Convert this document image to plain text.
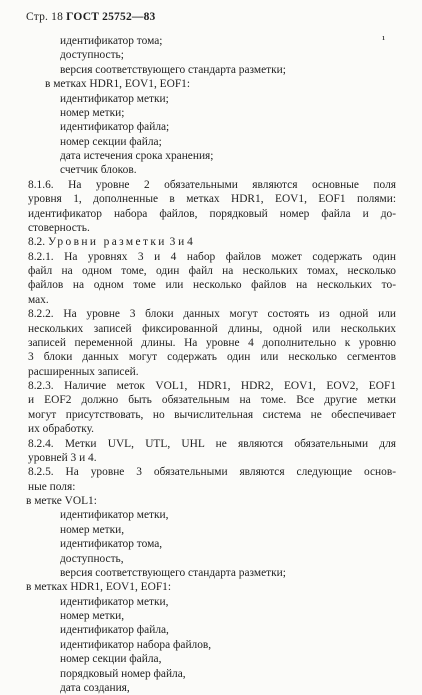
Стр. 18 ГОСТ 25752—83
¹
идентификатор тома;
доступность;
версия соответствующего стандарта разметки;
в метках HDR1, EOV1, EOF1:
идентификатор метки;
номер метки;
идентификатор файла;
номер секции файла;
дата истечения срока хранения;
счетчик блоков.
8.1.6. На уровне 2 обязательными являются основные поля
уровня 1, дополненные в метках HDR1, EOV1, EOF1 полями:
идентификатор набора файлов, порядковый номер файла и до-
стоверность.
8.2. Уровни разметки 3 и 4
8.2.1. На уровнях 3 и 4 набор файлов может содержать один
файл на одном томе, один файл на нескольких томах, несколько
файлов на одном томе или несколько файлов на нескольких то-
мах.
8.2.2. На уровне 3 блоки данных могут состоять из одной или
нескольких записей фиксированной длины, одной или нескольких
записей переменной длины. На уровне 4 дополнительно к уровню
3 блоки данных могут содержать один или несколько сегментов
расширенных записей.
8.2.3. Наличие меток VOL1, HDR1, HDR2, EOV1, EOV2, EOF1
и EOF2 должно быть обязательным на томе. Все другие метки
могут присутствовать, но вычислительная система не обеспечивает
их обработку.
8.2.4. Метки UVL, UTL, UHL не являются обязательными для
уровней 3 и 4.
8.2.5. На уровне 3 обязательными являются следующие основ-
ные поля:
в метке VOL1:
идентификатор метки,
номер метки,
идентификатор тома,
доступность,
версия соответствующего стандарта разметки;
в метках HDR1, EOV1, EOF1:
идентификатор метки,
номер метки,
идентификатор файла,
идентификатор набора файлов,
номер секции файла,
порядковый номер файла,
дата создания,
